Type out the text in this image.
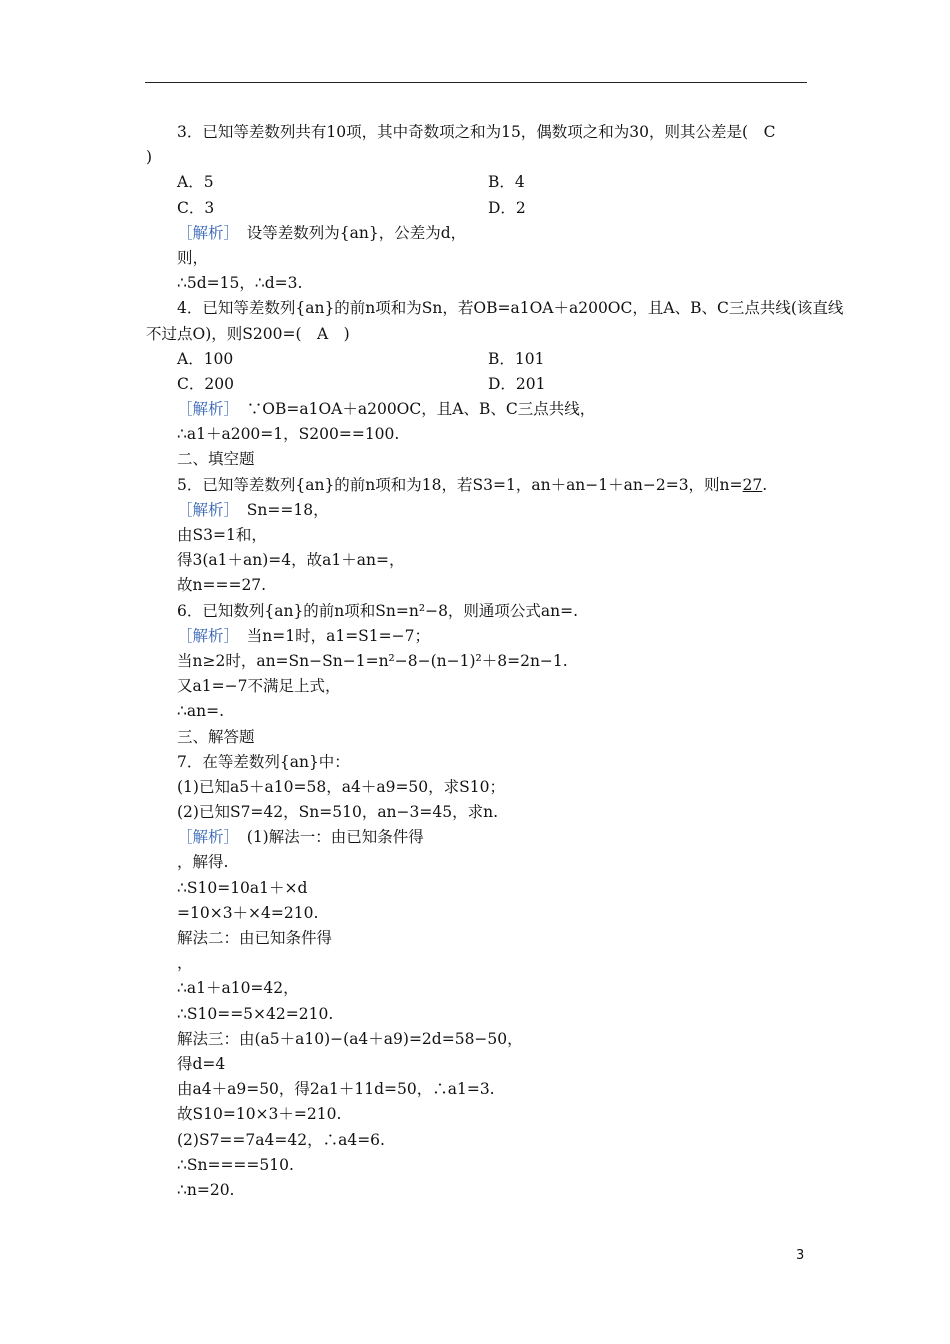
3．已知等差数列共有10项，其中奇数项之和为15，偶数项之和为30，则其公差是(　C
)
A．5	B．4
C．3	D．2
［解析］　设等差数列为{an}，公差为d，
则，
∴5d=15，∴d=3.
4．已知等差数列{an}的前n项和为Sn，若OB=a1OA＋a200OC，且A、B、C三点共线(该直线
不过点O)，则S200=(　A　)
A．100	B．101
C．200	D．201
［解析］　∵OB=a1OA＋a200OC，且A、B、C三点共线，
∴a1＋a200=1，S200==100.
二、填空题
5．已知等差数列{an}的前n项和为18，若S3=1，an＋an−1＋an−2=3，则n=27.
［解析］　Sn==18，
由S3=1和，
得3(a1＋an)=4，故a1＋an=，
故n===27.
6．已知数列{an}的前n项和Sn=n²−8，则通项公式an=.
［解析］　当n=1时，a1=S1=−7；
当n≥2时，an=Sn−Sn−1=n²−8−(n−1)²＋8=2n−1.
又a1=−7不满足上式，
∴an=.
三、解答题
7．在等差数列{an}中：
(1)已知a5＋a10=58，a4＋a9=50，求S10；
(2)已知S7=42，Sn=510，an−3=45，求n.
［解析］　(1)解法一：由已知条件得
，解得.
∴S10=10a1＋×d
=10×3＋×4=210.
解法二：由已知条件得
，
∴a1＋a10=42，
∴S10==5×42=210.
解法三：由(a5＋a10)−(a4＋a9)=2d=58−50，
得d=4
由a4＋a9=50，得2a1＋11d=50，∴a1=3.
故S10=10×3＋=210.
(2)S7==7a4=42，∴a4=6.
∴Sn====510.
∴n=20.
3
